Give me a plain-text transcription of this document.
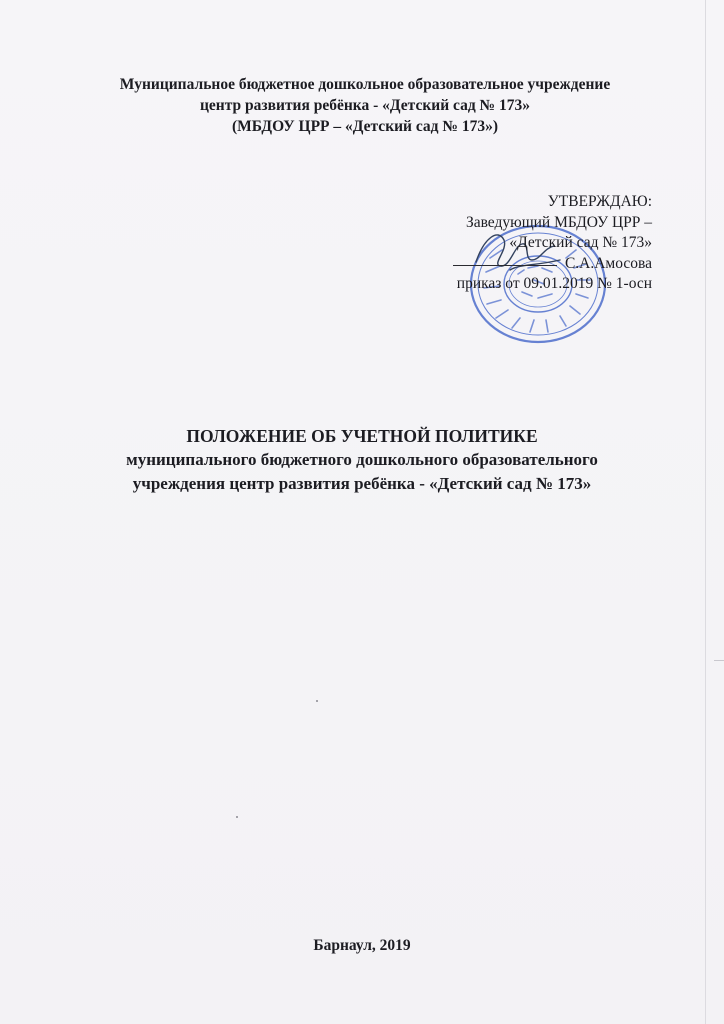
Муниципальное бюджетное дошкольное образовательное учреждение
центр развития ребёнка - «Детский сад № 173»
(МБДОУ ЦРР – «Детский сад № 173»)
УТВЕРЖДАЮ:
Заведующий МБДОУ ЦРР –
«Детский сад № 173»
С.А.Амосова
приказ от 09.01.2019 № 1-осн
ПОЛОЖЕНИЕ ОБ УЧЕТНОЙ ПОЛИТИКЕ
муниципального бюджетного дошкольного образовательного
учреждения центр развития ребёнка - «Детский сад № 173»
Барнаул, 2019
